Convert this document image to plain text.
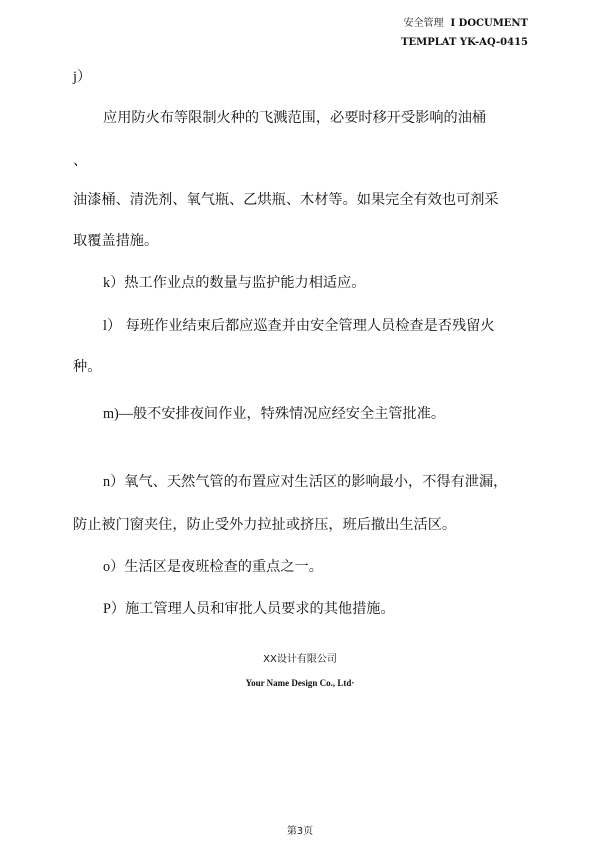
安全管理 I DOCUMENT
TEMPLAT YK-AQ-0415
j）
应用防火布等限制火种的飞溅范围，必要时移开受影响的油桶
、
油漆桶、清洗剂、氧气瓶、乙烘瓶、木材等。如果完全有效也可剂采
取覆盖措施。
k）热工作业点的数量与监护能力相适应。
l） 每班作业结束后都应巡查并由安全管理人员检查是否残留火
种。
m)—般不安排夜间作业，特殊情况应经安全主管批准。
n）氧气、天然气管的布置应对生活区的影响最小，不得有泄漏，
防止被门窗夹住，防止受外力拉扯或挤压，班后撤出生活区。
o）生活区是夜班检查的重点之一。
P）施工管理人员和审批人员要求的其他措施。
XX设计有限公司
Your Name Design Co., Ltd·
第3页
